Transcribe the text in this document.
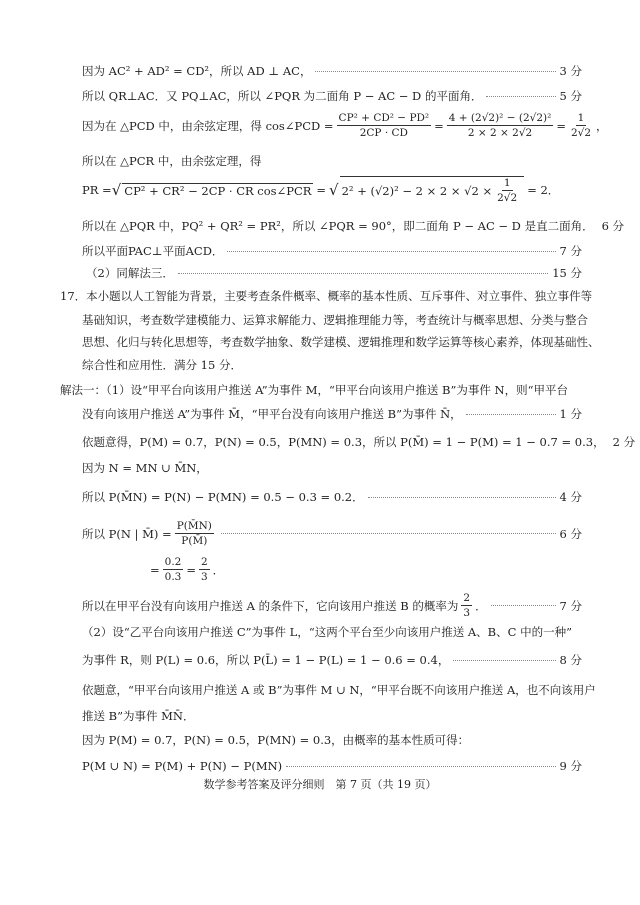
因为 AC² + AD² = CD²，所以 AD ⊥ AC，	3 分
所以 QR⊥AC．又 PQ⊥AC，所以 ∠PQR 为二面角 P − AC − D 的平面角．	5 分
因为在 △PCD 中，由余弦定理，得 cos∠PCD = $\frac{\text{CP² + CD² − PD²}}{2CP \cdot CD} = \frac{\text{4 + (2√2)² − (2√2)²}}{2 \times 2 \times 2√2} = \frac{1}{2√2}$ ，
所以在 △PCR 中，由余弦定理，得
PR = √ CP² + CR² − 2CP · CR cos∠PCR = √ $2^2 + (√2)^2 - 2 \times 2 \times √2 \times \frac{1}{2√2} = 2$．
所以在 △PQR 中，PQ² + QR² = PR²，所以 ∠PQR = 90°，即二面角 P − AC − D 是直二面角． 6 分
所以平面PAC⊥平面ACD．	7 分
（2）同解法三．	15 分
17．本小题以人工智能为背景，主要考查条件概率、概率的基本性质、互斥事件、对立事件、独立事件等
基础知识，考查数学建模能力、运算求解能力、逻辑推理能力等，考查统计与概率思想、分类与整合
思想、化归与转化思想等，考查数学抽象、数学建模、逻辑推理和数学运算等核心素养，体现基础性、
综合性和应用性．满分 15 分．
解法一：（1）设“甲平台向该用户推送 A”为事件 M，“甲平台向该用户推送 B”为事件 N，则“甲平台
没有向该用户推送 A”为事件 M̄，“甲平台没有向该用户推送 B”为事件 N̄，	1 分
依题意得，P(M) = 0.7，P(N) = 0.5，P(MN) = 0.3，所以 P(M̄) = 1 − P(M) = 1 − 0.7 = 0.3， 2 分
因为 N = MN ∪ M̄N，
所以 P(M̄N) = P(N) − P(MN) = 0.5 − 0.3 = 0.2．	4 分
所以 P(N | M̄) = $\frac{P(M̄N)}{P(M̄)}$	6 分
= $\frac{0.2}{0.3} = \frac{2}{3}$ ．
所以在甲平台没有向该用户推送 A 的条件下，它向该用户推送 B 的概率为 $\frac{2}{3}$ ．	7 分
（2）设“乙平台向该用户推送 C”为事件 L，“这两个平台至少向该用户推送 A、B、C 中的一种”
为事件 R，则 P(L) = 0.6，所以 P(L̄) = 1 − P(L) = 1 − 0.6 = 0.4，	8 分
依题意，“甲平台向该用户推送 A 或 B”为事件 M ∪ N，“甲平台既不向该用户推送 A，也不向该用户
推送 B”为事件 M̄N̄．
因为 P(M) = 0.7，P(N) = 0.5，P(MN) = 0.3，由概率的基本性质可得：
P(M ∪ N) = P(M) + P(N) − P(MN)	9 分
数学参考答案及评分细则　第 7 页（共 19 页）
